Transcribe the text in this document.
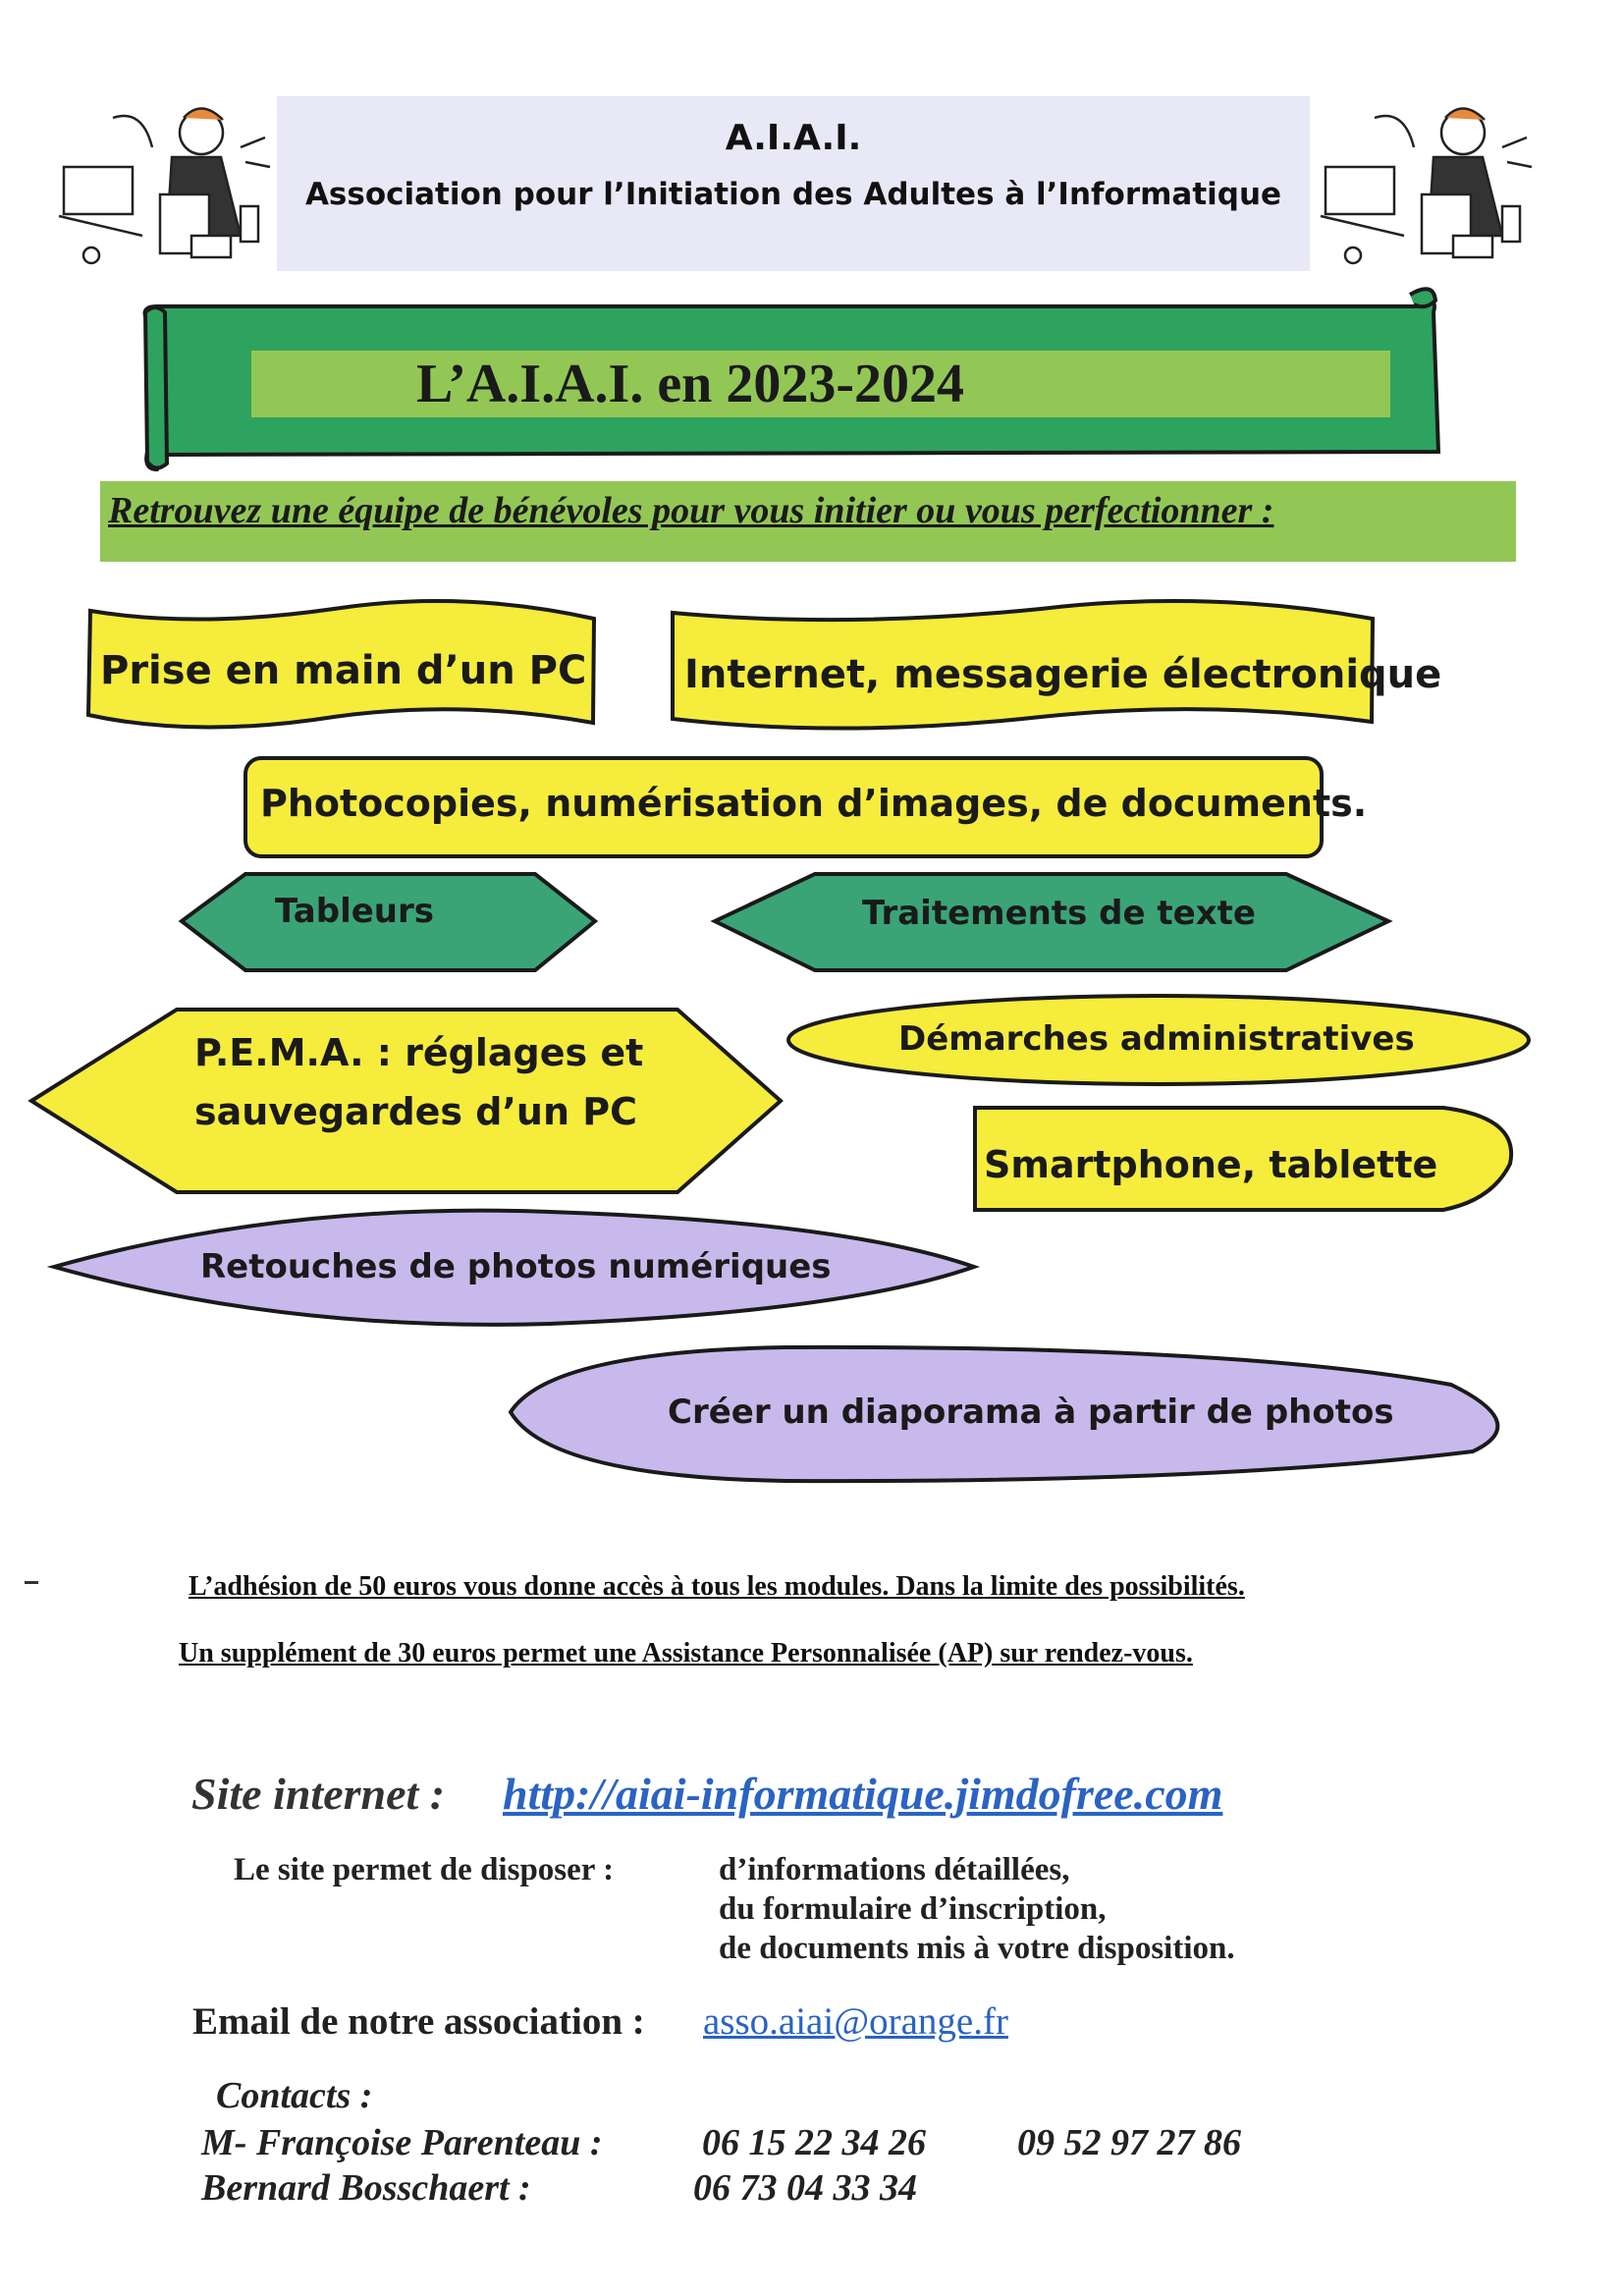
A.I.A.I.
Association pour l’Initiation des Adultes à l’Informatique
L’A.I.A.I. en 2023-2024
Retrouvez une équipe de bénévoles pour vous initier ou vous perfectionner :
Prise en main d’un PC Internet, messagerie électronique
Photocopies, numérisation d’images, de documents.
Tableurs	Traitements de texte
P.E.M.A. : réglages et
sauvegardes d’un PC
Démarches administratives
Smartphone, tablette
Retouches de photos numériques
Créer un diaporama à partir de photos
L’adhésion de 50 euros vous donne accès à tous les modules. Dans la limite des possibilités.
Un supplément de 30 euros permet une Assistance Personnalisée (AP) sur rendez-vous.
Site internet : http://aiai-informatique.jimdofree.com
Le site permet de disposer :	d’informations détaillées,
du formulaire d’inscription,
de documents mis à votre disposition.
Email de notre association : asso.aiai@orange.fr
Contacts :
M- Françoise Parenteau :	06 15 22 34 26 09 52 97 27 86
Bernard Bosschaert :	06 73 04 33 34
